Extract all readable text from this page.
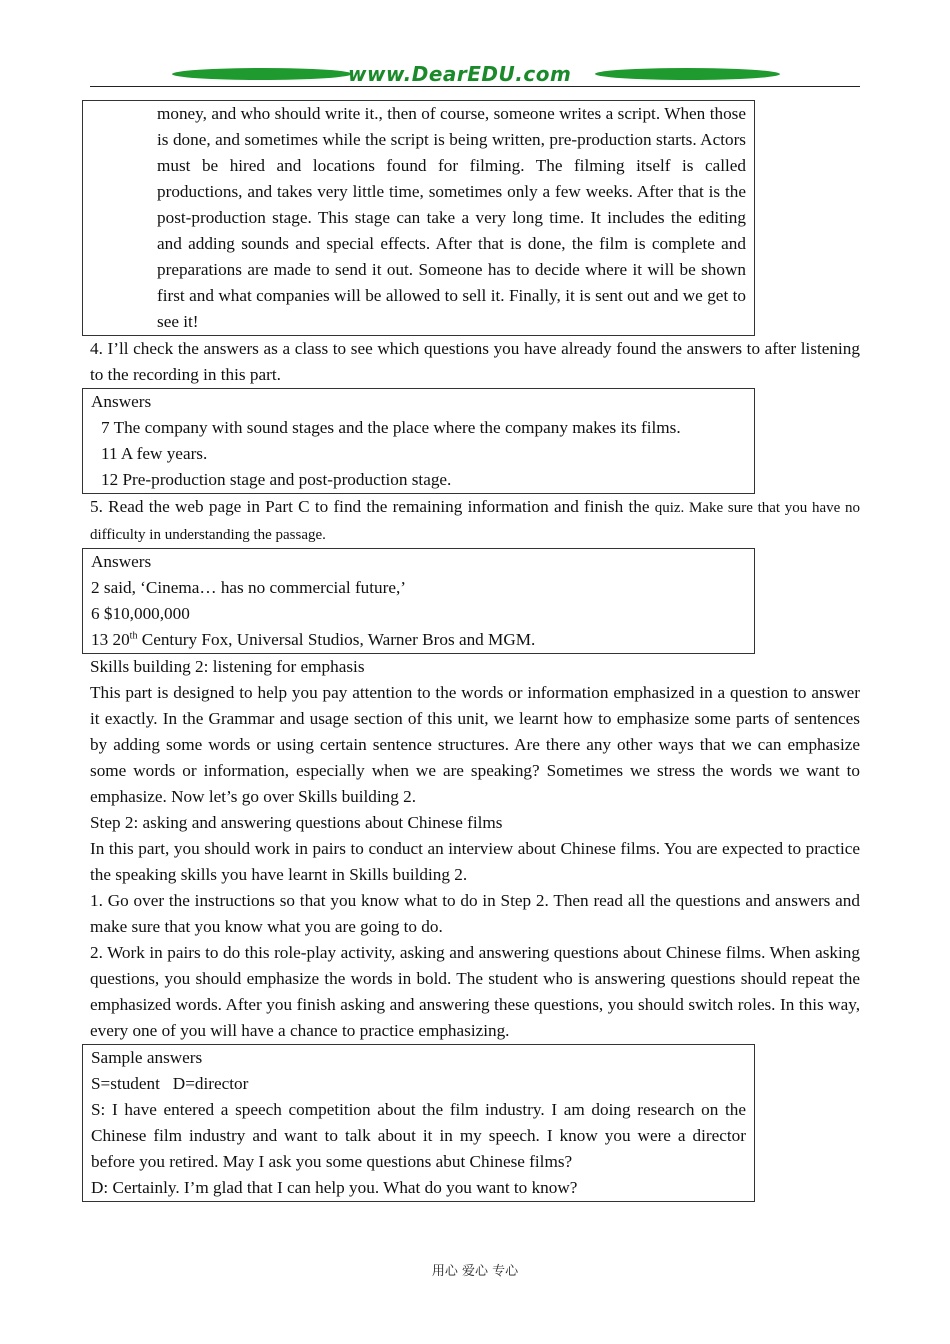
www.DearEDU.com

money, and who should write it., then of course, someone writes a script. When those is done, and sometimes while the script is being written, pre-production starts. Actors must be hired and locations found for filming. The filming itself is called productions, and takes very little time, sometimes only a few weeks. After that is the post-production stage. This stage can take a very long time. It includes the editing and adding sounds and special effects. After that is done, the film is complete and preparations are made to send it out. Someone has to decide where it will be shown first and what companies will be allowed to sell it. Finally, it is sent out and we get to see it!

4. I’ll check the answers as a class to see which questions you have already found the answers to after listening to the recording in this part.

Answers

7 The company with sound stages and the place where the company makes its films.

11 A few years.

12 Pre-production stage and post-production stage.

5. Read the web page in Part C to find the remaining information and finish the quiz. Make sure that you have no difficulty in understanding the passage.

Answers

2 said, ‘Cinema… has no commercial future,’

6 $10,000,000

13 20th Century Fox, Universal Studios, Warner Bros and MGM.

Skills building 2: listening for emphasis

This part is designed to help you pay attention to the words or information emphasized in a question to answer it exactly. In the Grammar and usage section of this unit, we learnt how to emphasize some parts of sentences by adding some words or using certain sentence structures. Are there any other ways that we can emphasize some words or information, especially when we are speaking? Sometimes we stress the words we want to emphasize. Now let’s go over Skills building 2.

Step 2: asking and answering questions about Chinese films

In this part, you should work in pairs to conduct an interview about Chinese films. You are expected to practice the speaking skills you have learnt in Skills building 2.

1. Go over the instructions so that you know what to do in Step 2. Then read all the questions and answers and make sure that you know what you are going to do.

2. Work in pairs to do this role-play activity, asking and answering questions about Chinese films. When asking questions, you should emphasize the words in bold. The student who is answering questions should repeat the emphasized words. After you finish asking and answering these questions, you should switch roles. In this way, every one of you will have a chance to practice emphasizing.

Sample answers

S=student   D=director

S: I have entered a speech competition about the film industry. I am doing research on the Chinese film industry and want to talk about it in my speech. I know you were a director before you retired. May I ask you some questions abut Chinese films?

D: Certainly. I’m glad that I can help you. What do you want to know?

用心 爱心 专心
